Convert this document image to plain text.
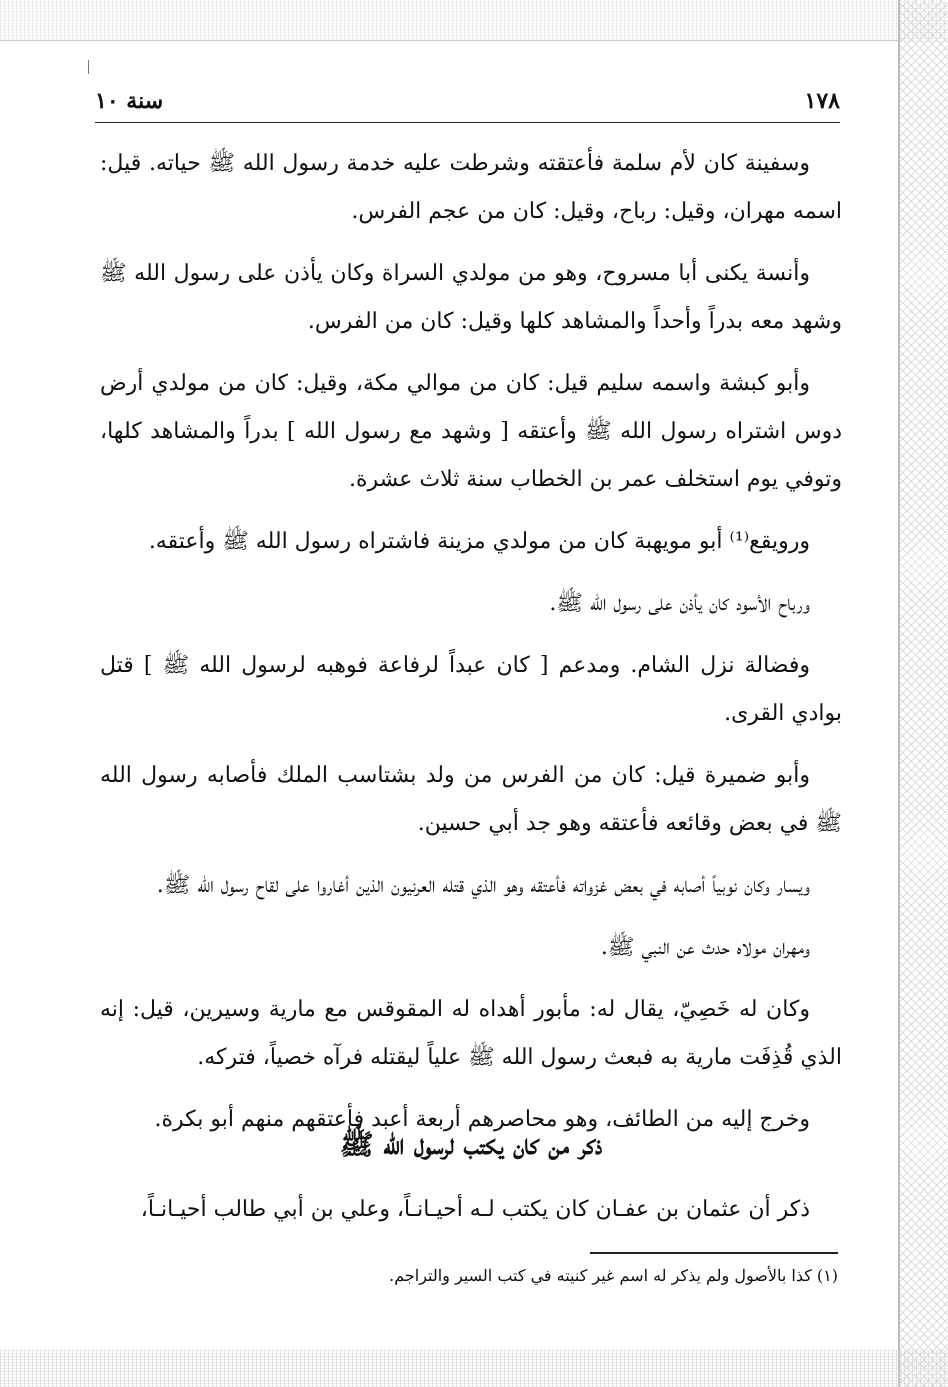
١٧٨
سنة ١٠

وسفينة كان لأم سلمة فأعتقته وشرطت عليه خدمة رسول الله ﷺ حياته. قيل: اسمه مهران، وقيل: رباح، وقيل: كان من عجم الفرس.

وأنسة يكنى أبا مسروح، وهو من مولدي السراة وكان يأذن على رسول الله ﷺ وشهد معه بدراً وأحداً والمشاهد كلها وقيل: كان من الفرس.

وأبو كبشة واسمه سليم قيل: كان من موالي مكة، وقيل: كان من مولدي أرض دوس اشتراه رسول الله ﷺ وأعتقه [ وشهد مع رسول الله ] بدراً والمشاهد كلها، وتوفي يوم استخلف عمر بن الخطاب سنة ثلاث عشرة.

ورويقع⁽¹⁾ أبو مويهبة كان من مولدي مزينة فاشتراه رسول الله ﷺ وأعتقه.

ورباح الأسود كان يأذن على رسول الله ﷺ.

وفضالة نزل الشام. ومدعم [ كان عبداً لرفاعة فوهبه لرسول الله ﷺ ] قتل بوادي القرى.

وأبو ضميرة قيل: كان من الفرس من ولد بشتاسب الملك فأصابه رسول الله ﷺ في بعض وقائعه فأعتقه وهو جد أبي حسين.

ويسار وكان نوبياً أصابه في بعض غزواته فأعتقه وهو الذي قتله العرنيون الذين أغاروا على لقاح رسول الله ﷺ.

ومهران مولاه حدث عن النبي ﷺ.

وكان له خَصِيّ، يقال له: مأبور أهداه له المقوقس مع مارية وسيرين، قيل: إنه الذي قُذِفَت مارية به فبعث رسول الله ﷺ علياً ليقتله فرآه خصياً، فتركه.

وخرج إليه من الطائف، وهو محاصرهم أربعة أعبد فأعتقهم منهم أبو بكرة.

ذكر من كان يكتب لرسول الله ﷺ
ذكر أن عثمان بن عفـان كان يكتب لـه أحيـانـاً، وعلي بن أبي طالب أحيـانـاً،
(١) كذا بالأصول ولم يذكر له اسم غير كنيته في كتب السير والتراجم.
